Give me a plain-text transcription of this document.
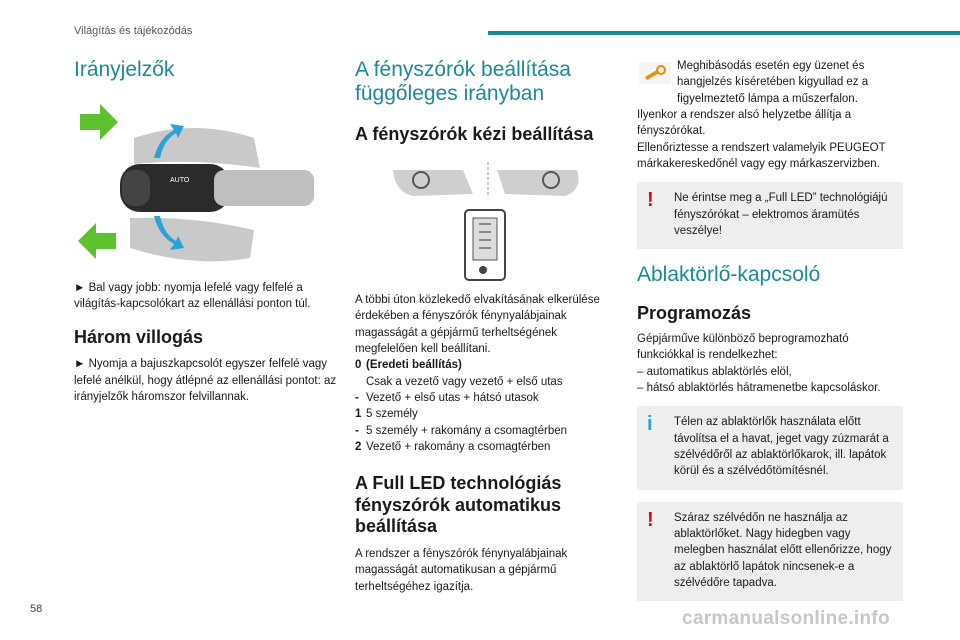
Világítás és tájékozódás
Irányjelzők
AUTO
► Bal vagy jobb: nyomja lefelé vagy felfelé a világítás-kapcsolókart az ellenállási ponton túl.
Három villogás
► Nyomja a bajuszkapcsolót egyszer felfelé vagy lefelé anélkül, hogy átlépné az ellenállási pontot: az irányjelzők háromszor felvillannak.
A fényszórók beállítása függőleges irányban
A fényszórók kézi beállítása
A többi úton közlekedő elvakításának elkerülése érdekében a fényszórók fénynyalábjainak magasságát a gépjármű terheltségének megfelelően kell beállítani.
0 (Eredeti beállítás)
Csak a vezető vagy vezető + első utas
- Vezető + első utas + hátsó utasok
1 5 személy
- 5 személy + rakomány a csomagtérben
2 Vezető + rakomány a csomagtérben
A Full LED technológiás fényszórók automatikus beállítása
A rendszer a fényszórók fénynyalábjainak magasságát automatikusan a gépjármű terheltségéhez igazítja.
Meghibásodás esetén egy üzenet és hangjelzés kíséretében kigyullad ez a figyelmeztető lámpa a műszerfalon.
Ilyenkor a rendszer alsó helyzetbe állítja a fényszórókat.
Ellenőriztesse a rendszert valamelyik PEUGEOT márkakereskedőnél vagy egy márkaszervizben.
!	Ne érintse meg a „Full LED” technológiájú fényszórókat – elektromos áramütés veszélye!
Ablaktörlő-kapcsoló
Programozás
Gépjárműve különböző beprogramozható funkciókkal is rendelkezhet:
– automatikus ablaktörlés elöl,
– hátsó ablaktörlés hátramenetbe kapcsoláskor.
i	Télen az ablaktörlők használata előtt távolítsa el a havat, jeget vagy zúzmarát a szélvédőről az ablaktörlőkarok, ill. lapátok körül és a szélvédőtömítésnél.
!	Száraz szélvédőn ne használja az ablaktörlőket. Nagy hidegben vagy melegben használat előtt ellenőrizze, hogy az ablaktörlő lapátok nincsenek-e a szélvédőre tapadva.
58	carmanualsonline.info
